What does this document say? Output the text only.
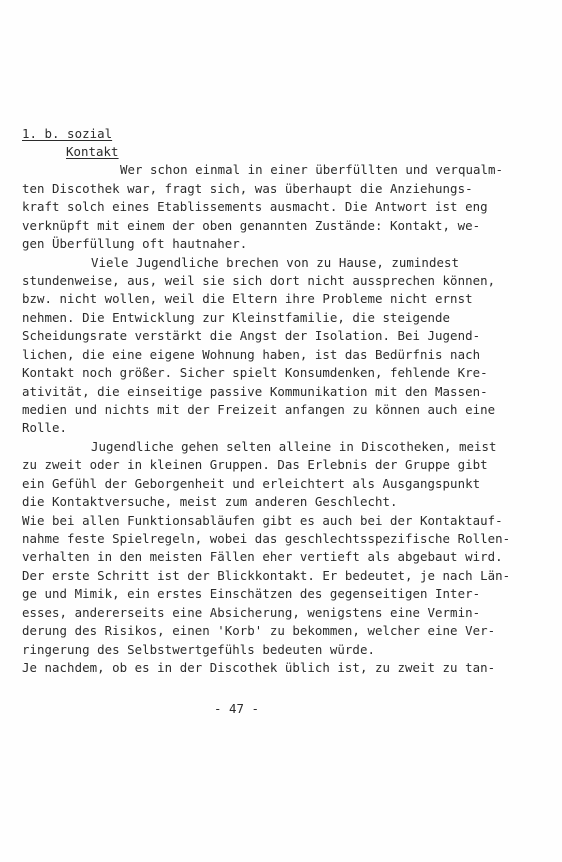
1. b. sozial
Kontakt
Wer schon einmal in einer überfüllten und verqualm-
ten Discothek war, fragt sich, was überhaupt die Anziehungs-
kraft solch eines Etablissements ausmacht. Die Antwort ist eng
verknüpft mit einem der oben genannten Zustände: Kontakt, we-
gen Überfüllung oft hautnaher.
Viele Jugendliche brechen von zu Hause, zumindest
stundenweise, aus, weil sie sich dort nicht aussprechen können,
bzw. nicht wollen, weil die Eltern ihre Probleme nicht ernst
nehmen. Die Entwicklung zur Kleinstfamilie, die steigende
Scheidungsrate verstärkt die Angst der Isolation. Bei Jugend-
lichen, die eine eigene Wohnung haben, ist das Bedürfnis nach
Kontakt noch größer. Sicher spielt Konsumdenken, fehlende Kre-
ativität, die einseitige passive Kommunikation mit den Massen-
medien und nichts mit der Freizeit anfangen zu können auch eine
Rolle.
Jugendliche gehen selten alleine in Discotheken, meist
zu zweit oder in kleinen Gruppen. Das Erlebnis der Gruppe gibt
ein Gefühl der Geborgenheit und erleichtert als Ausgangspunkt
die Kontaktversuche, meist zum anderen Geschlecht.
Wie bei allen Funktionsabläufen gibt es auch bei der Kontaktauf-
nahme feste Spielregeln, wobei das geschlechtsspezifische Rollen-
verhalten in den meisten Fällen eher vertieft als abgebaut wird.
Der erste Schritt ist der Blickkontakt. Er bedeutet, je nach Län-
ge und Mimik, ein erstes Einschätzen des gegenseitigen Inter-
esses, andererseits eine Absicherung, wenigstens eine Vermin-
derung des Risikos, einen 'Korb' zu bekommen, welcher eine Ver-
ringerung des Selbstwertgefühls bedeuten würde.
Je nachdem, ob es in der Discothek üblich ist, zu zweit zu tan-
- 47 -
